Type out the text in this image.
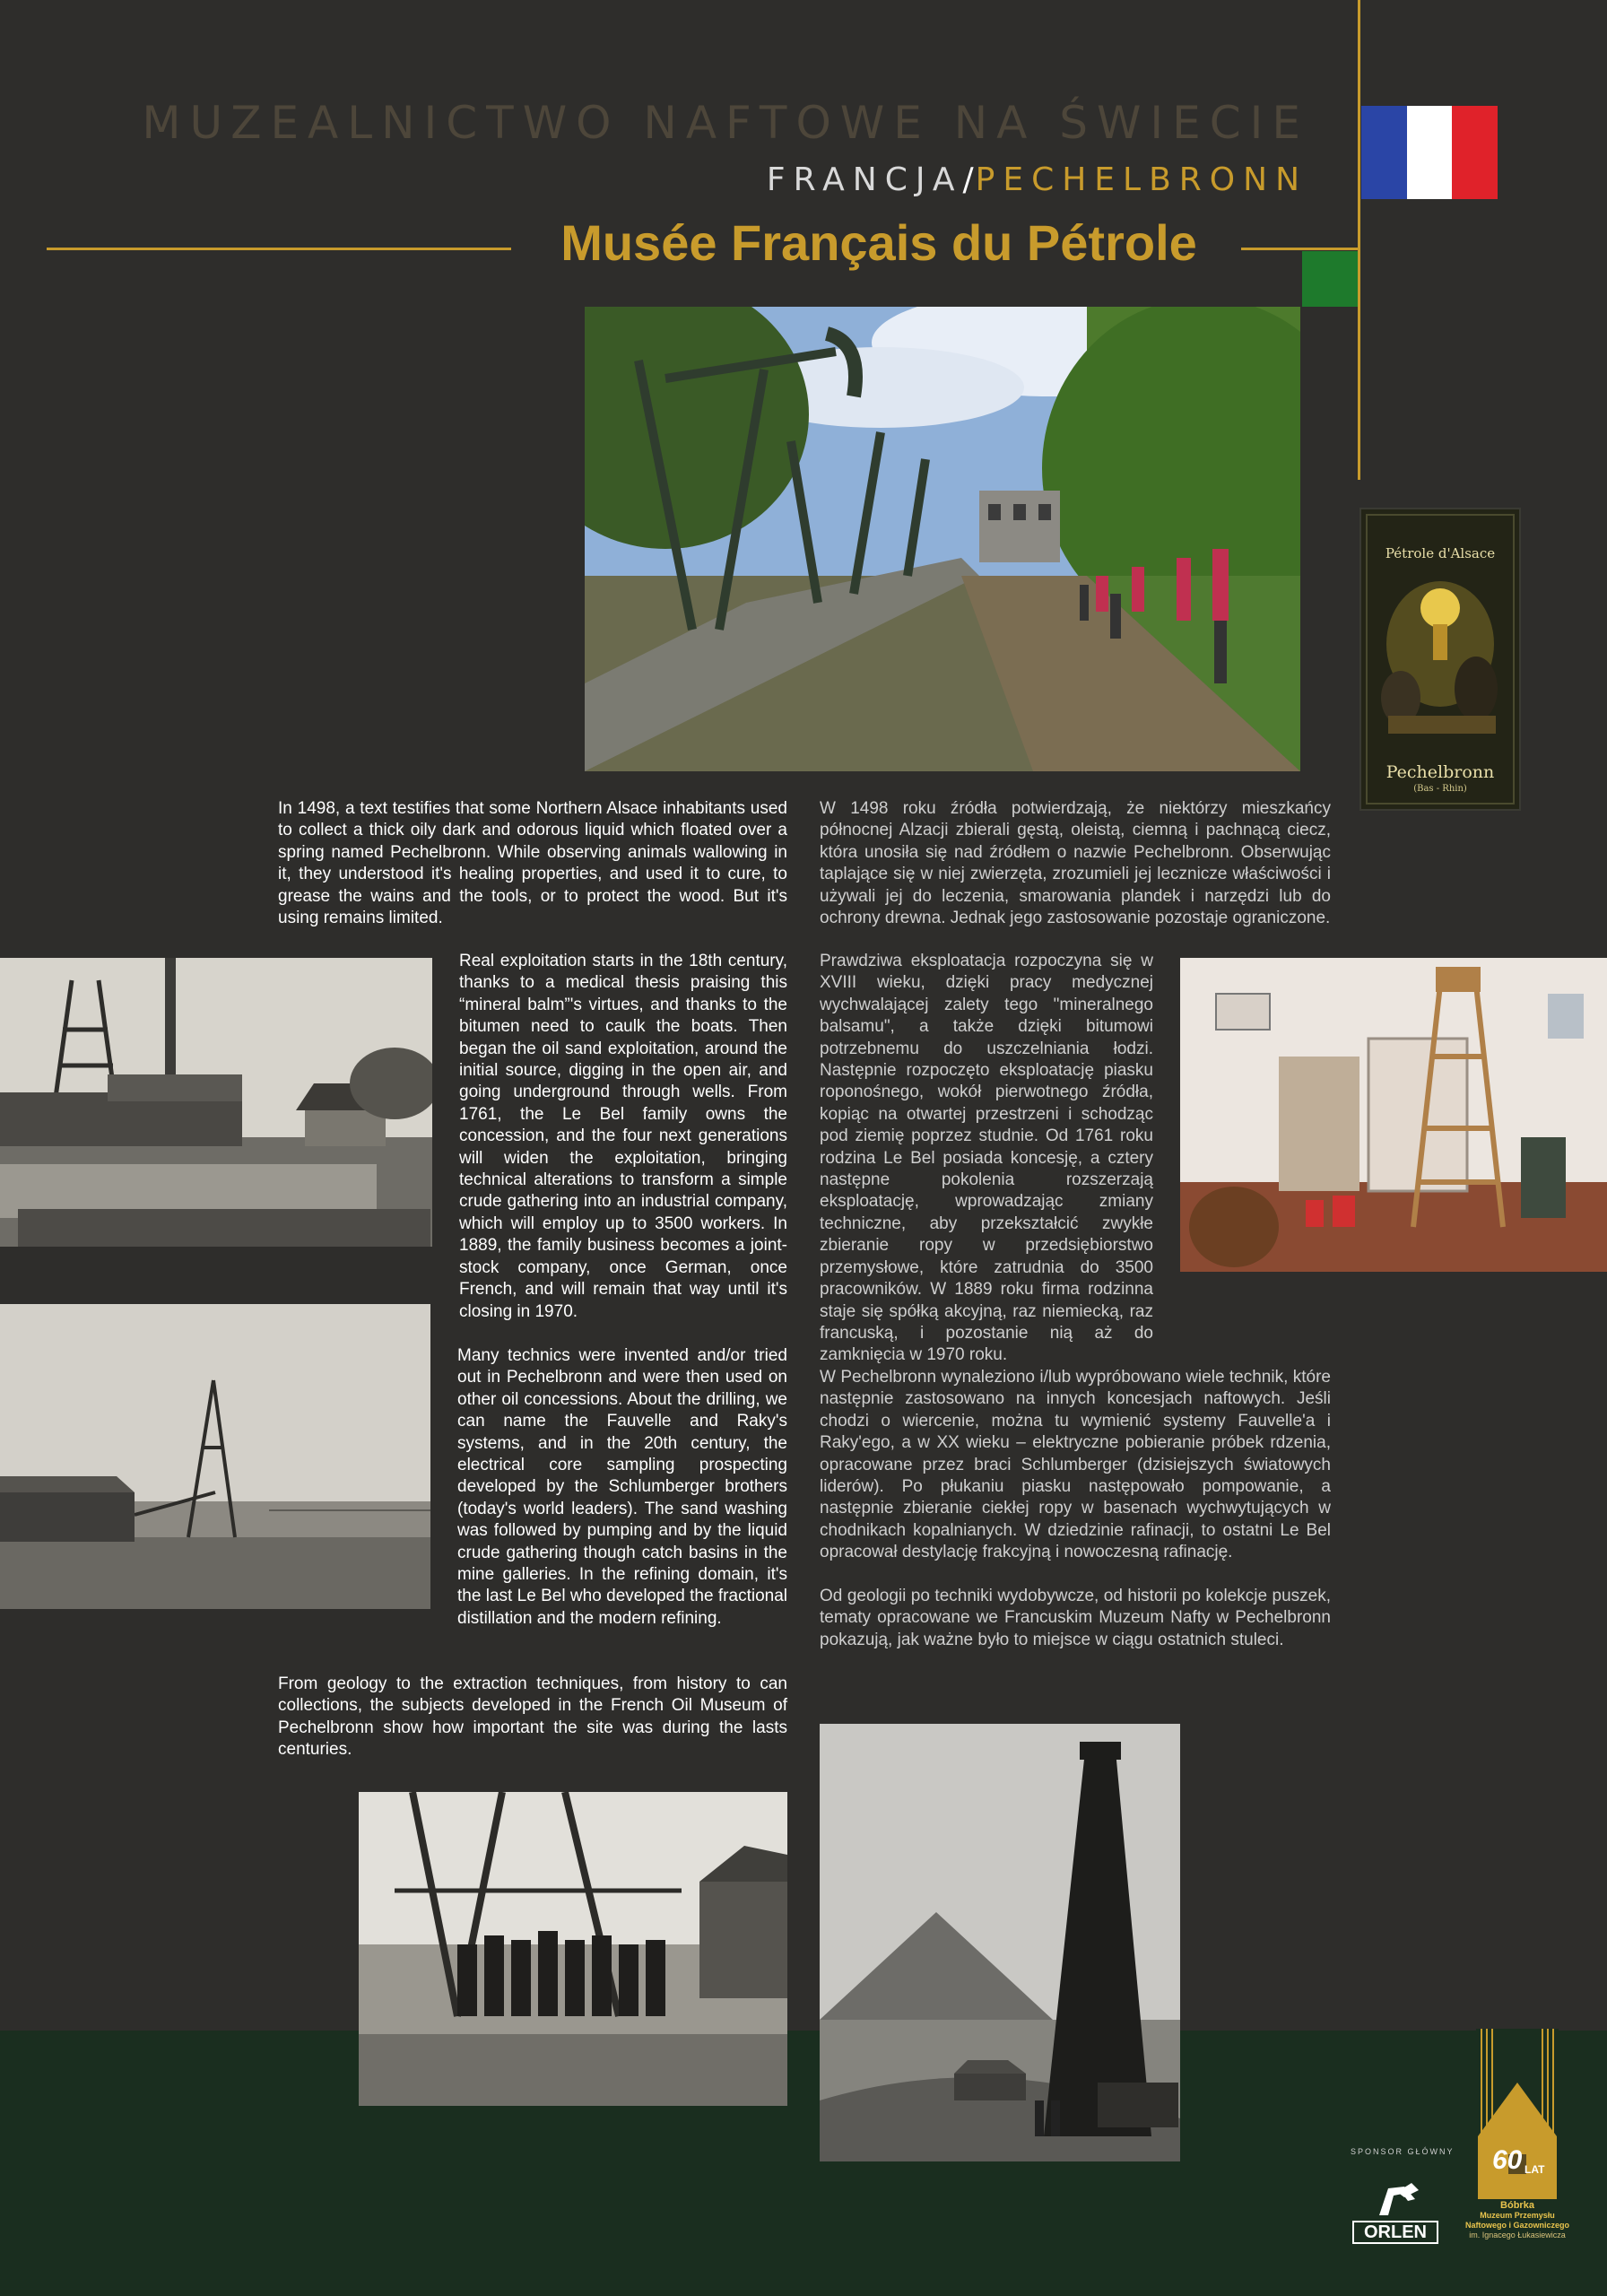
MUZEALNICTWO NAFTOWE NA ŚWIECIE
FRANCJA/PECHELBRONN
Musée Français du Pétrole
Pétrole d'Alsace
Pechelbronn
(Bas - Rhin)

In 1498, a text testifies that some Northern Alsace inhabitants used to collect a thick oily dark and odorous liquid which floated over a spring named Pechelbronn. While observing animals wallowing in it, they understood it's healing properties, and used it to cure, to grease the wains and the tools, or to protect the wood. But it's using remains limited.

W 1498 roku źródła potwierdzają, że niektórzy mieszkańcy północnej Alzacji zbierali gęstą, oleistą, ciemną i pachnącą ciecz, która unosiła się nad źródłem o nazwie Pechelbronn. Obserwując taplające się w niej zwierzęta, zrozumieli jej lecznicze właściwości i używali jej do leczenia, smarowania plandek i narzędzi lub do ochrony drewna. Jednak jego zastosowanie pozostaje ograniczone.

Real exploitation starts in the 18th century, thanks to a medical thesis praising this “mineral balm”'s virtues, and thanks to the bitumen need to caulk the boats. Then began the oil sand exploitation, around the initial source, digging in the open air, and going underground through wells. From 1761, the Le Bel family owns the concession, and the four next generations will widen the exploitation, bringing technical alterations to transform a simple crude gathering into an industrial company, which will employ up to 3500 workers. In 1889, the family business becomes a joint-stock company, once German, once French, and will remain that way until it's closing in 1970.

Prawdziwa eksploatacja rozpoczyna się w XVIII wieku, dzięki pracy medycznej wychwalającej zalety tego "mineralnego balsamu", a także dzięki bitumowi potrzebnemu do uszczelniania łodzi. Następnie rozpoczęto eksploatację piasku roponośnego, wokół pierwotnego źródła, kopiąc na otwartej przestrzeni i schodząc pod ziemię poprzez studnie. Od 1761 roku rodzina Le Bel posiada koncesję, a cztery następne pokolenia rozszerzają eksploatację, wprowadzając zmiany techniczne, aby przekształcić zwykłe zbieranie ropy w przedsiębiorstwo przemysłowe, które zatrudnia do 3500 pracowników. W 1889 roku firma rodzinna staje się spółką akcyjną, raz niemiecką, raz francuską, i pozostanie nią aż do zamknięcia w 1970 roku.

Many technics were invented and/or tried out in Pechelbronn and were then used on other oil concessions. About the drilling, we can name the Fauvelle and Raky's systems, and in the 20th century, the electrical core sampling prospecting developed by the Schlumberger brothers (today's world leaders). The sand washing was followed by pumping and by the liquid crude gathering though catch basins in the mine galleries. In the refining domain, it's the last Le Bel who developed the fractional distillation and the modern refining.

W Pechelbronn wynaleziono i/lub wypróbowano wiele technik, które następnie zastosowano na innych koncesjach naftowych. Jeśli chodzi o wiercenie, można tu wymienić systemy Fauvelle'a i Raky'ego, a w XX wieku – elektryczne pobieranie próbek rdzenia, opracowane przez braci Schlumberger (dzisiejszych światowych liderów). Po płukaniu piasku następowało pompowanie, a następnie zbieranie ciekłej ropy w basenach wychwytujących w chodnikach kopalnianych. W dziedzinie rafinacji, to ostatni Le Bel opracował destylację frakcyjną i nowoczesną rafinację.

Od geologii po techniki wydobywcze, od historii po kolekcje puszek, tematy opracowane we Francuskim Muzeum Nafty w Pechelbronn pokazują, jak ważne było to miejsce w ciągu ostatnich stuleci.

From geology to the extraction techniques, from history to can collections, the subjects developed in the French Oil Museum of Pechelbronn show how important the site was during the lasts centuries.

SPONSOR GŁÓWNY
ORLEN
60 LAT
Bóbrka
Muzeum Przemysłu
Naftowego i Gazowniczego
im. Ignacego Łukasiewicza
